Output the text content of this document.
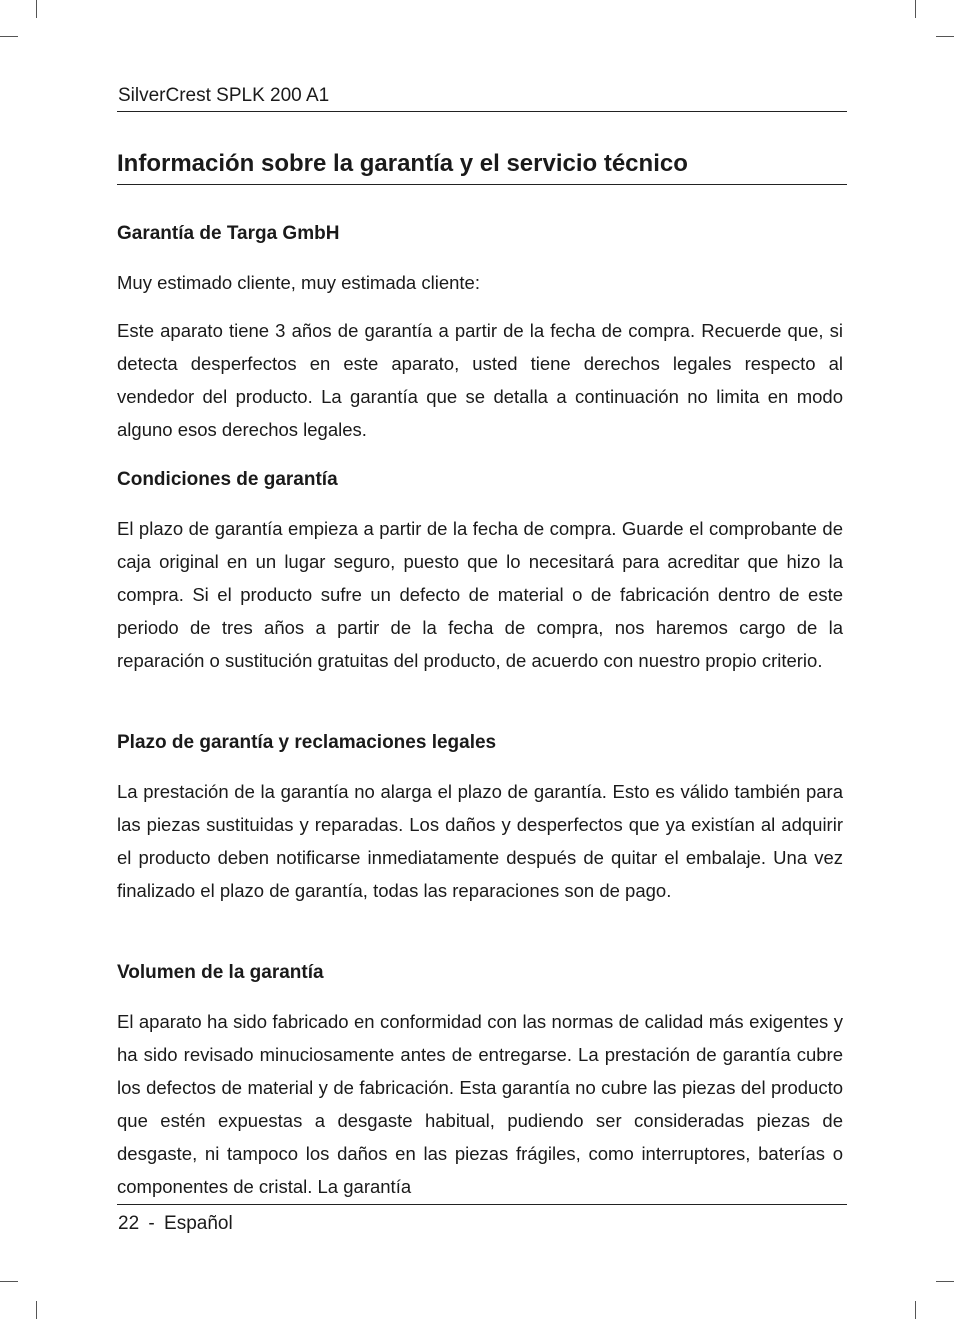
SilverCrest SPLK 200 A1
Información sobre la garantía y el servicio técnico
Garantía de Targa GmbH

Muy estimado cliente, muy estimada cliente:

Este aparato tiene 3 años de garantía a partir de la fecha de compra. Recuerde que, si detecta desperfectos en este aparato, usted tiene derechos legales respecto al vendedor del producto. La garantía que se detalla a continuación no limita en modo alguno esos derechos legales.

Condiciones de garantía

El plazo de garantía empieza a partir de la fecha de compra. Guarde el comprobante de caja original en un lugar seguro, puesto que lo necesitará para acreditar que hizo la compra. Si el producto sufre un defecto de material o de fabricación dentro de este periodo de tres años a partir de la fecha de compra, nos haremos cargo de la reparación o sustitución gratuitas del producto, de acuerdo con nuestro propio criterio.

Plazo de garantía y reclamaciones legales

La prestación de la garantía no alarga el plazo de garantía. Esto es válido también para las piezas sustituidas y reparadas. Los daños y desperfectos que ya existían al adquirir el producto deben notificarse inmediatamente después de quitar el embalaje. Una vez finalizado el plazo de garantía, todas las reparaciones son de pago.

Volumen de la garantía

El aparato ha sido fabricado en conformidad con las normas de calidad más exigentes y ha sido revisado minuciosamente antes de entregarse. La prestación de garantía cubre los defectos de material y de fabricación. Esta garantía no cubre las piezas del producto que estén expuestas a desgaste habitual, pudiendo ser consideradas piezas de desgaste, ni tampoco los daños en las piezas frágiles, como interruptores, baterías o componentes de cristal. La garantía

22 - Español
